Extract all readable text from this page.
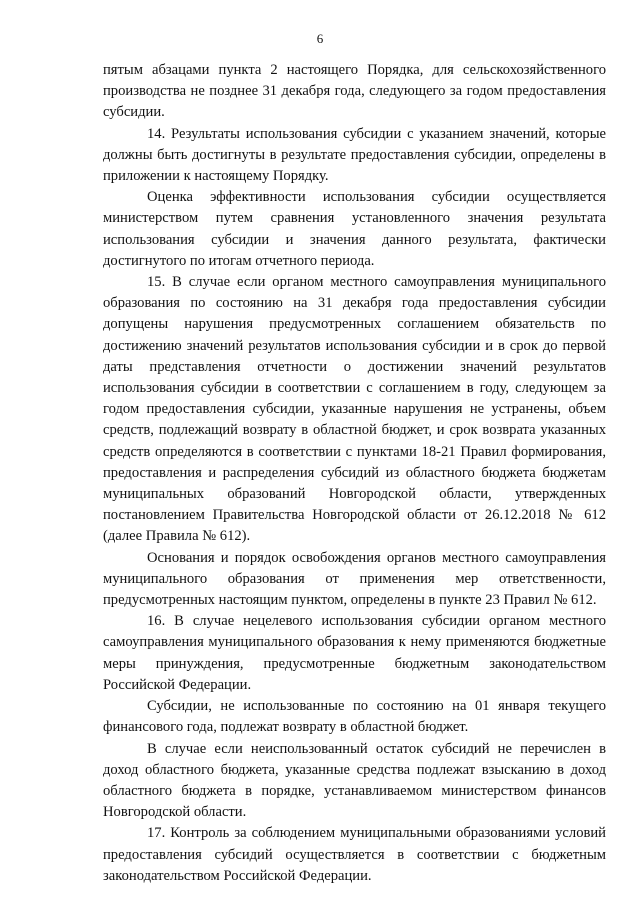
6

пятым абзацами пункта 2 настоящего Порядка, для сельскохозяйственного производства не позднее 31 декабря года, следующего за годом предоставления субсидии.

14. Результаты использования субсидии с указанием значений, которые должны быть достигнуты в результате предоставления субсидии, определены в приложении к настоящему Порядку.

Оценка эффективности использования субсидии осуществляется министерством путем сравнения установленного значения результата использования субсидии и значения данного результата, фактически достигнутого по итогам отчетного периода.

15. В случае если органом местного самоуправления муниципального образования по состоянию на 31 декабря года предоставления субсидии допущены нарушения предусмотренных соглашением обязательств по достижению значений результатов использования субсидии и в срок до первой даты представления отчетности о достижении значений результатов использования субсидии в соответствии с соглашением в году, следующем за годом предоставления субсидии, указанные нарушения не устранены, объем средств, подлежащий возврату в областной бюджет, и срок возврата указанных средств определяются в соответствии с пунктами 18-21 Правил формирования, предоставления и распределения субсидий из областного бюджета бюджетам муниципальных образований Новгородской области, утвержденных постановлением Правительства Новгородской области от 26.12.2018 № 612 (далее Правила № 612).

Основания и порядок освобождения органов местного самоуправления муниципального образования от применения мер ответственности, предусмотренных настоящим пунктом, определены в пункте 23 Правил № 612.

16. В случае нецелевого использования субсидии органом местного самоуправления муниципального образования к нему применяются бюджетные меры принуждения, предусмотренные бюджетным законодательством Российской Федерации.

Субсидии, не использованные по состоянию на 01 января текущего финансового года, подлежат возврату в областной бюджет.

В случае если неиспользованный остаток субсидий не перечислен в доход областного бюджета, указанные средства подлежат взысканию в доход областного бюджета в порядке, устанавливаемом министерством финансов Новгородской области.

17. Контроль за соблюдением муниципальными образованиями условий предоставления субсидий осуществляется в соответствии с бюджетным законодательством Российской Федерации.
